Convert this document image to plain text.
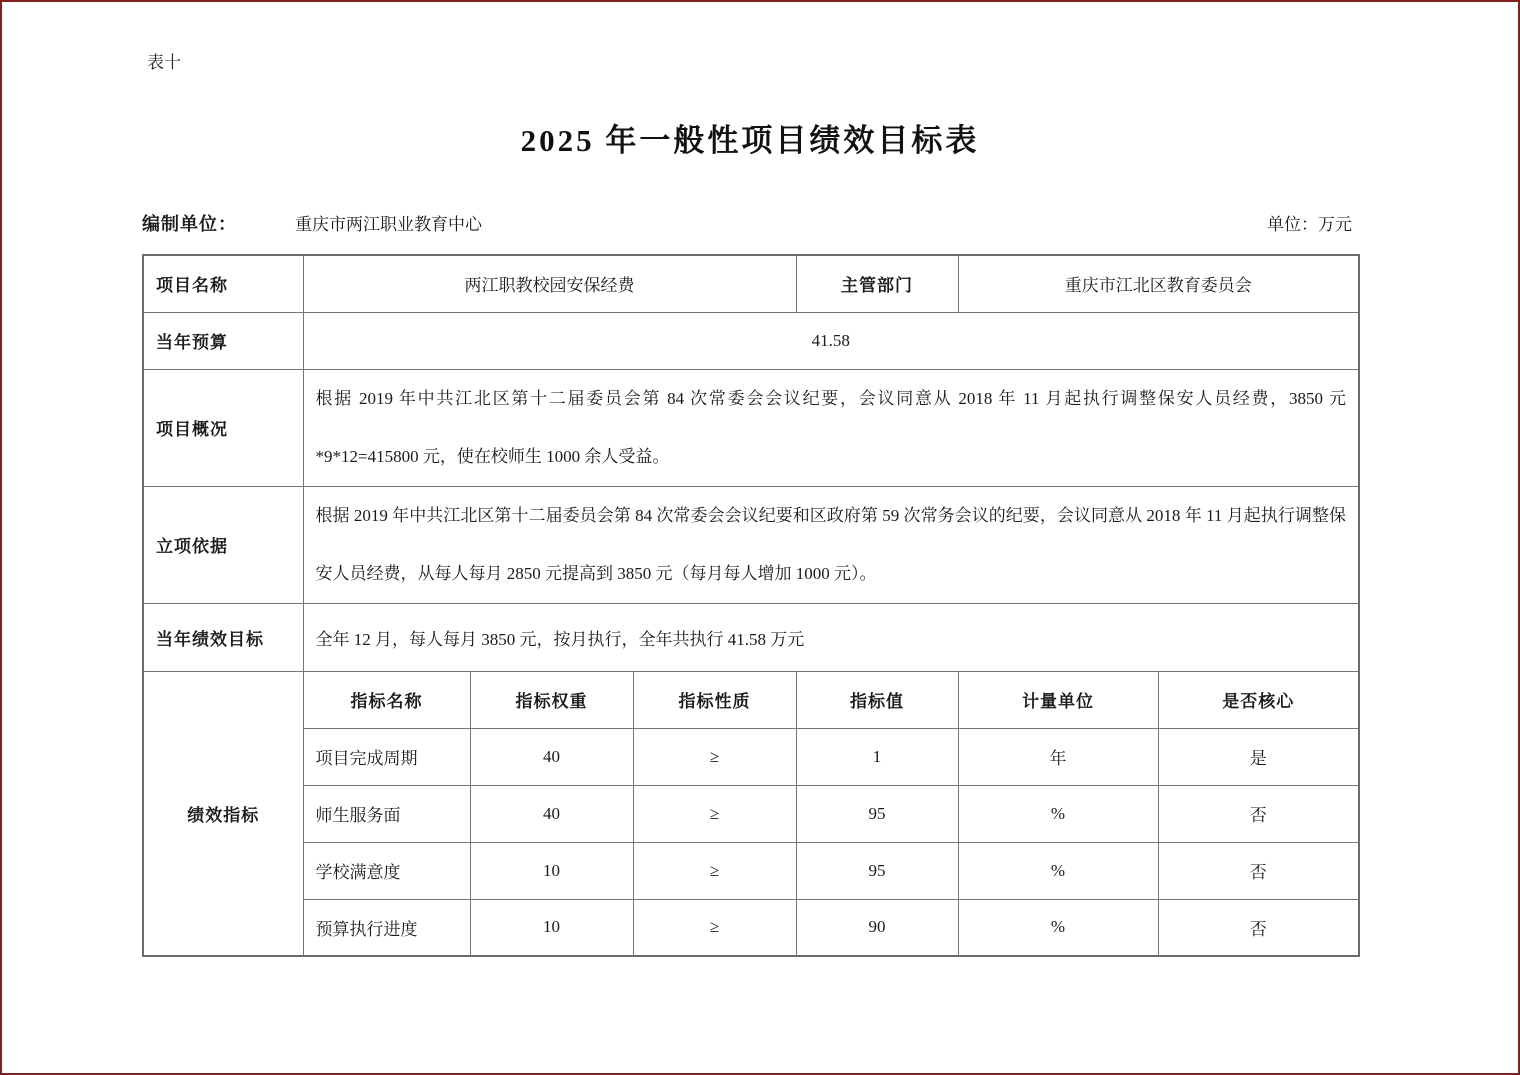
表十
2025 年一般性项目绩效目标表
编制单位：	重庆市两江职业教育中心	单位：万元
项目名称	两江职教校园安保经费			主管部门	重庆市江北区教育委员会	
当年预算	41.58					
项目概况	根据 2019 年中共江北区第十二届委员会第 84 次常委会会议纪要，会议同意从 2018 年 11 月起执行调整保安人员经费，3850 元*9*12=415800 元，使在校师生 1000 余人受益。					
立项依据	根据 2019 年中共江北区第十二届委员会第 84 次常委会会议纪要和区政府第 59 次常务会议的纪要，会议同意从 2018 年 11 月起执行调整保安人员经费，从每人每月 2850 元提高到 3850 元（每月每人增加 1000 元）。					
当年绩效目标	全年 12 月，每人每月 3850 元，按月执行，全年共执行 41.58 万元					
绩效指标	指标名称	指标权重	指标性质	指标值	计量单位	是否核心
	项目完成周期	40	≥	1	年	是
	师生服务面	40	≥	95	%	否
	学校满意度	10	≥	95	%	否
	预算执行进度	10	≥	90	%	否
